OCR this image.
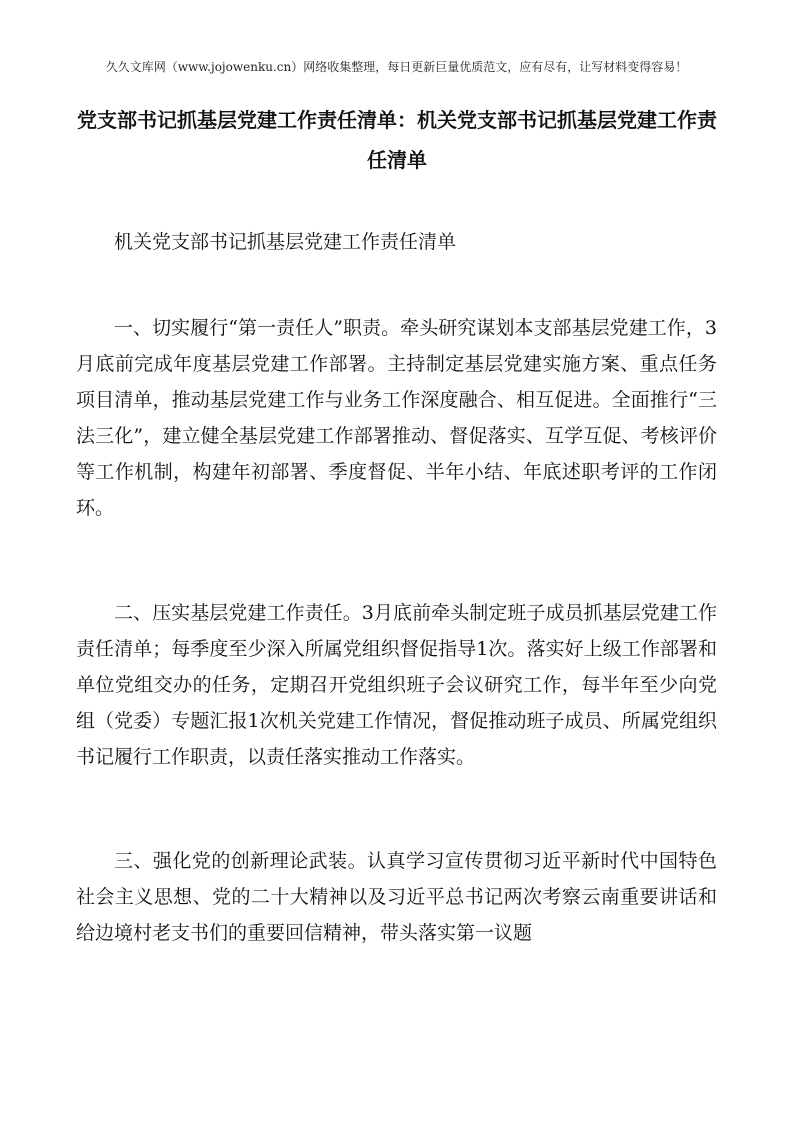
久久文库网（www.jojowenku.cn）网络收集整理，每日更新巨量优质范文，应有尽有，让写材料变得容易！
党支部书记抓基层党建工作责任清单：机关党支部书记抓基层党建工作责任清单

机关党支部书记抓基层党建工作责任清单

一、切实履行“第一责任人”职责。牵头研究谋划本支部基层党建工作，3月底前完成年度基层党建工作部署。主持制定基层党建实施方案、重点任务项目清单，推动基层党建工作与业务工作深度融合、相互促进。全面推行“三法三化”，建立健全基层党建工作部署推动、督促落实、互学互促、考核评价等工作机制，构建年初部署、季度督促、半年小结、年底述职考评的工作闭环。

二、压实基层党建工作责任。3月底前牵头制定班子成员抓基层党建工作责任清单；每季度至少深入所属党组织督促指导1次。落实好上级工作部署和单位党组交办的任务，定期召开党组织班子会议研究工作，每半年至少向党组（党委）专题汇报1次机关党建工作情况，督促推动班子成员、所属党组织书记履行工作职责，以责任落实推动工作落实。

三、强化党的创新理论武装。认真学习宣传贯彻习近平新时代中国特色社会主义思想、党的二十大精神以及习近平总书记两次考察云南重要讲话和给边境村老支书们的重要回信精神，带头落实第一议题
